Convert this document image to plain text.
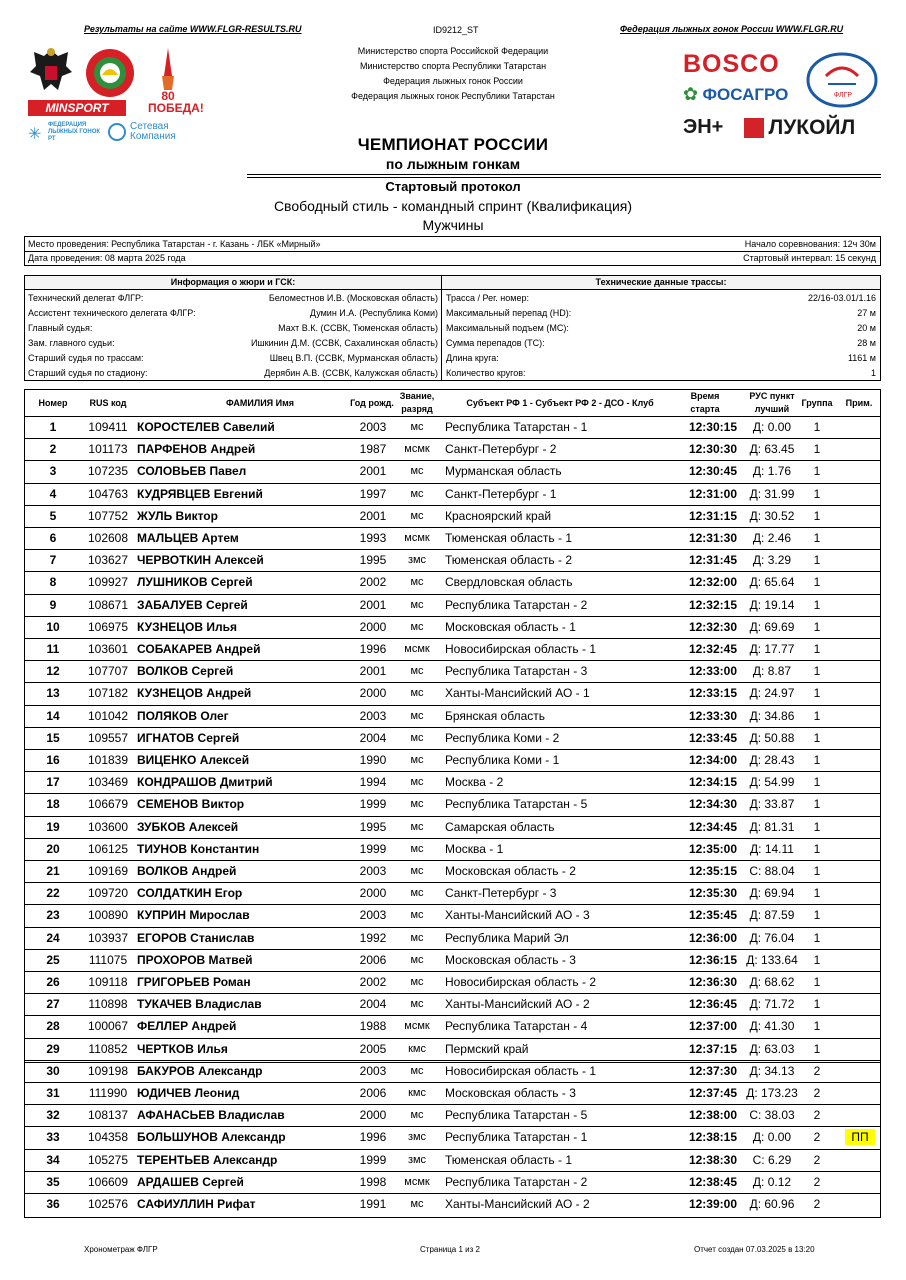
Результаты на сайте WWW.FLGR-RESULTS.RU	ID9212_ST	Федерация лыжных гонок России WWW.FLGR.RU
80 ПОБЕДА!
MINSPORT
✳
ФЕДЕРАЦИЯ ЛЫЖНЫХ ГОНОК РТ
Сетевая Компания
Министерство спорта Российской Федерации
Министерство спорта Республики Татарстан
Федерация лыжных гонок России
Федерация лыжных гонок Республики Татарстан
BOSCO
✿ ФОСАГРО	ФЛГР
ЭН+	ЛУКОЙЛ
ЧЕМПИОНАТ РОССИИ
по лыжным гонкам
Стартовый протокол
Свободный стиль - командный спринт (Квалификация)
Мужчины
Место проведения: Республика Татарстан - г. Казань - ЛБК «Мирный»	Начало соревнования: 12ч 30м
Дата проведения: 08 марта 2025 года	Стартовый интервал: 15 секунд
Информация о жюри и ГСК:	Технические данные трассы:
Технический делегат ФЛГР:	Беломестнов И.В. (Московская область)
Ассистент технического делегата ФЛГР:	Думин И.А. (Республика Коми)
Главный судья:	Махт В.К. (ССВК, Тюменская область)
Зам. главного судьи:	Ишкинин Д.М. (ССВК, Сахалинская область)
Старший судья по трассам:	Швец В.П. (ССВК, Мурманская область)
Старший судья по стадиону:	Дерябин А.В. (ССВК, Калужская область)
Трасса / Рег. номер:	22/16-03.01/1.16
Максимальный перепад (HD):	27 м
Максимальный подъем (MC):	20 м
Сумма перепадов (TC):	28 м
Длина круга:	1161 м
Количество кругов:	1
Номер	RUS код	ФАМИЛИЯ Имя	Год рожд.
Звание,
разряд
Субъект РФ 1 - Субъект РФ 2 - ДСО - Клуб
Время
старта
РУС пункт
лучший
Группа	Прим.
1	109411 КОРОСТЕЛЕВ Савелий	2003	мс	Республика Татарстан - 1	12:30:15	Д: 0.00	1
2	101173 ПАРФЕНОВ Андрей	1987	мсмк	Санкт-Петербург - 2	12:30:30	Д: 63.45	1
3	107235 СОЛОВЬЕВ Павел	2001	мс	Мурманская область	12:30:45	Д: 1.76	1
4	104763 КУДРЯВЦЕВ Евгений	1997	мс	Санкт-Петербург - 1	12:31:00	Д: 31.99	1
5	107752 ЖУЛЬ Виктор	2001	мс	Красноярский край	12:31:15	Д: 30.52	1
6	102608 МАЛЬЦЕВ Артем	1993	мсмк	Тюменская область - 1	12:31:30	Д: 2.46	1
7	103627 ЧЕРВОТКИН Алексей	1995	змс	Тюменская область - 2	12:31:45	Д: 3.29	1
8	109927 ЛУШНИКОВ Сергей	2002	мс	Свердловская область	12:32:00	Д: 65.64	1
9	108671 ЗАБАЛУЕВ Сергей	2001	мс	Республика Татарстан - 2	12:32:15	Д: 19.14	1
10	106975 КУЗНЕЦОВ Илья	2000	мс	Московская область - 1	12:32:30	Д: 69.69	1
11	103601 СОБАКАРЕВ Андрей	1996	мсмк	Новосибирская область - 1	12:32:45	Д: 17.77	1
12	107707 ВОЛКОВ Сергей	2001	мс	Республика Татарстан - 3	12:33:00	Д: 8.87	1
13	107182 КУЗНЕЦОВ Андрей	2000	мс	Ханты-Мансийский АО - 1	12:33:15	Д: 24.97	1
14	101042 ПОЛЯКОВ Олег	2003	мс	Брянская область	12:33:30	Д: 34.86	1
15	109557 ИГНАТОВ Сергей	2004	мс	Республика Коми - 2	12:33:45	Д: 50.88	1
16	101839 ВИЦЕНКО Алексей	1990	мс	Республика Коми - 1	12:34:00	Д: 28.43	1
17	103469 КОНДРАШОВ Дмитрий	1994	мс	Москва - 2	12:34:15	Д: 54.99	1
18	106679 СЕМЕНОВ Виктор	1999	мс	Республика Татарстан - 5	12:34:30	Д: 33.87	1
19	103600 ЗУБКОВ Алексей	1995	мс	Самарская область	12:34:45	Д: 81.31	1
20	106125 ТИУНОВ Константин	1999	мс	Москва - 1	12:35:00	Д: 14.11	1
21	109169 ВОЛКОВ Андрей	2003	мс	Московская область - 2	12:35:15	С: 88.04	1
22	109720 СОЛДАТКИН Егор	2000	мс	Санкт-Петербург - 3	12:35:30	Д: 69.94	1
23	100890 КУПРИН Мирослав	2003	мс	Ханты-Мансийский АО - 3	12:35:45	Д: 87.59	1
24	103937 ЕГОРОВ Станислав	1992	мс	Республика Марий Эл	12:36:00	Д: 76.04	1
25	111075 ПРОХОРОВ Матвей	2006	мс	Московская область - 3	12:36:15 Д: 133.64	1
26	109118 ГРИГОРЬЕВ Роман	2002	мс	Новосибирская область - 2	12:36:30	Д: 68.62	1
27	110898 ТУКАЧЕВ Владислав	2004	мс	Ханты-Мансийский АО - 2	12:36:45	Д: 71.72	1
28	100067 ФЕЛЛЕР Андрей	1988	мсмк	Республика Татарстан - 4	12:37:00	Д: 41.30	1
29	110852 ЧЕРТКОВ Илья	2005	кмс	Пермский край	12:37:15	Д: 63.03	1
30	109198 БАКУРОВ Александр	2003	мс	Новосибирская область - 1	12:37:30	Д: 34.13	2
31	111990 ЮДИЧЕВ Леонид	2006	кмс	Московская область - 3	12:37:45 Д: 173.23	2
32	108137 АФАНАСЬЕВ Владислав	2000	мс	Республика Татарстан - 5	12:38:00	С: 38.03	2
33	104358 БОЛЬШУНОВ Александр	1996	змс	Республика Татарстан - 1	12:38:15	Д: 0.00	2	ПП
34	105275 ТЕРЕНТЬЕВ Александр	1999	змс	Тюменская область - 1	12:38:30	С: 6.29	2
35	106609 АРДАШЕВ Сергей	1998	мсмк	Республика Татарстан - 2	12:38:45	Д: 0.12	2
36	102576 САФИУЛЛИН Рифат	1991	мс	Ханты-Мансийский АО - 2	12:39:00	Д: 60.96	2
Хронометраж ФЛГР	Страница 1 из 2	Отчет создан 07.03.2025 в 13:20
